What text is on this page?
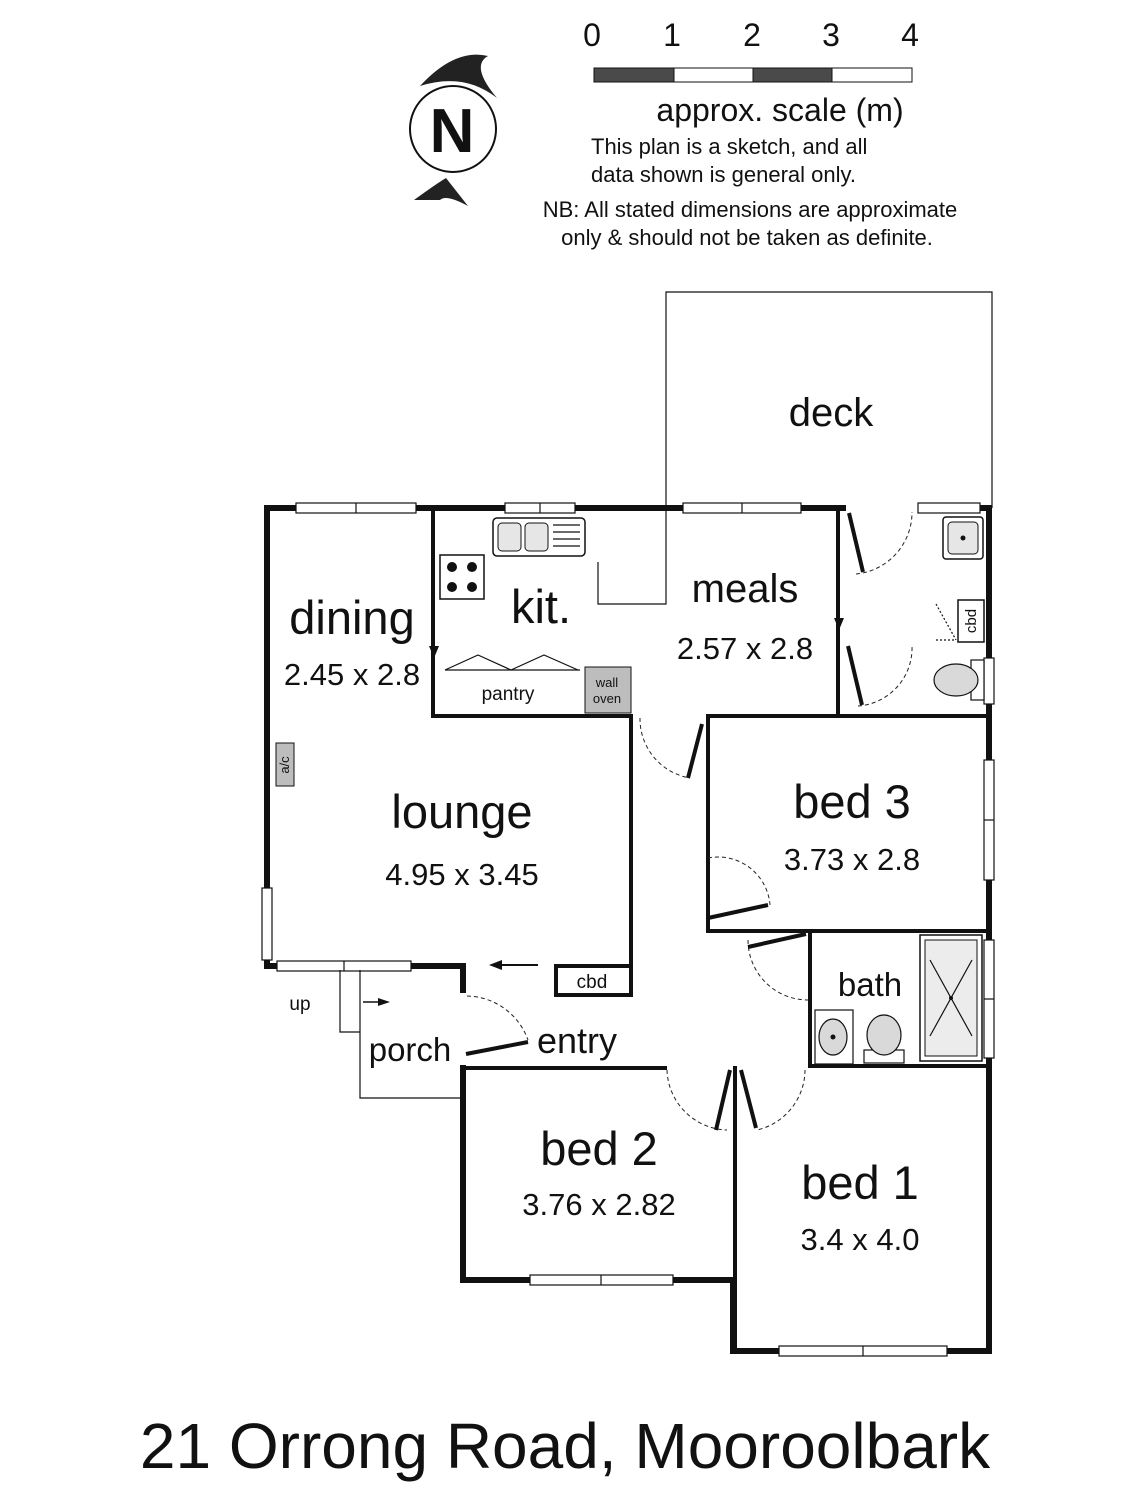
0 1 2 3 4
approx. scale (m)
This plan is a sketch, and all
data shown is general only.
NB: All stated dimensions are approximate
only & should not be taken as definite.
N
wall
oven
pantry
cbd
a/c
cbd
up
deck
dining
2.45 x 2.8
kit.	meals
2.57 x 2.8
lounge
4.95 x 3.45
bed 3
3.73 x 2.8
bath
entry
porch
bed 2
3.76 x 2.82	bed 1
3.4 x 4.0
21 Orrong Road, Mooroolbark
